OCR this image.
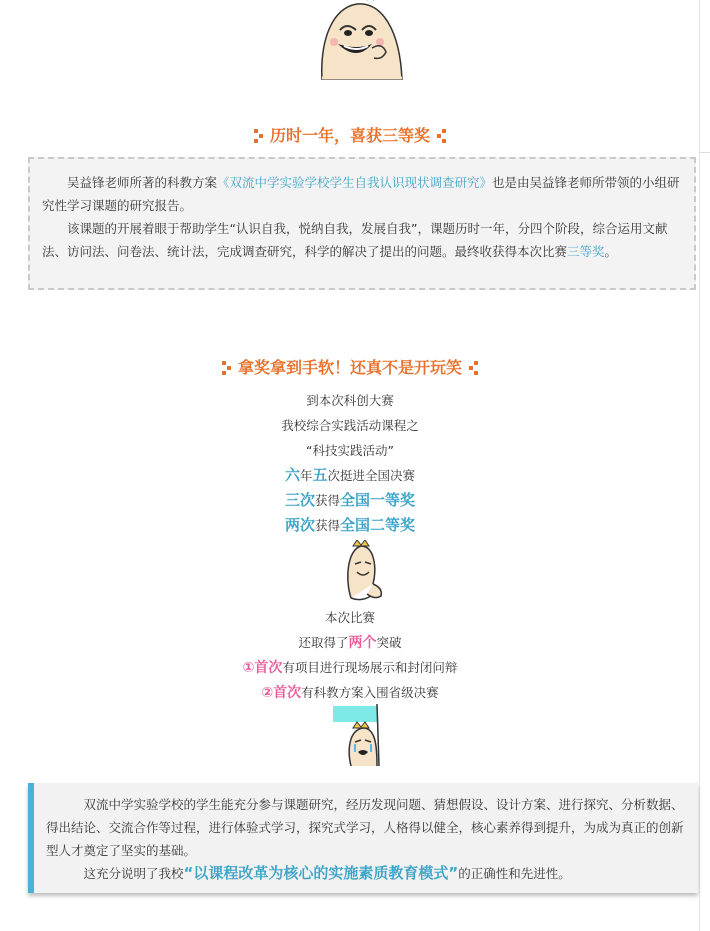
历时一年，喜获三等奖

吴益锋老师所著的科教方案《双流中学实验学校学生自我认识现状调查研究》也是由吴益锋老师所带领的小组研究性学习课题的研究报告。

该课题的开展着眼于帮助学生“认识自我，悦纳自我，发展自我”，课题历时一年，分四个阶段，综合运用文献法、访问法、问卷法、统计法，完成调查研究，科学的解决了提出的问题。最终收获得本次比赛三等奖。

拿奖拿到手软！还真不是开玩笑
到本次科创大赛
我校综合实践活动课程之
“科技实践活动”
六年五次挺进全国决赛
三次获得全国一等奖
两次获得全国二等奖
本次比赛
还取得了两个突破
①首次有项目进行现场展示和封闭问辩
②首次有科教方案入围省级决赛

双流中学实验学校的学生能充分参与课题研究，经历发现问题、猜想假设、设计方案、进行探究、分析数据、得出结论、交流合作等过程，进行体验式学习，探究式学习，人格得以健全，核心素养得到提升，为成为真正的创新型人才奠定了坚实的基础。

这充分说明了我校“以课程改革为核心的实施素质教育模式”的正确性和先进性。
